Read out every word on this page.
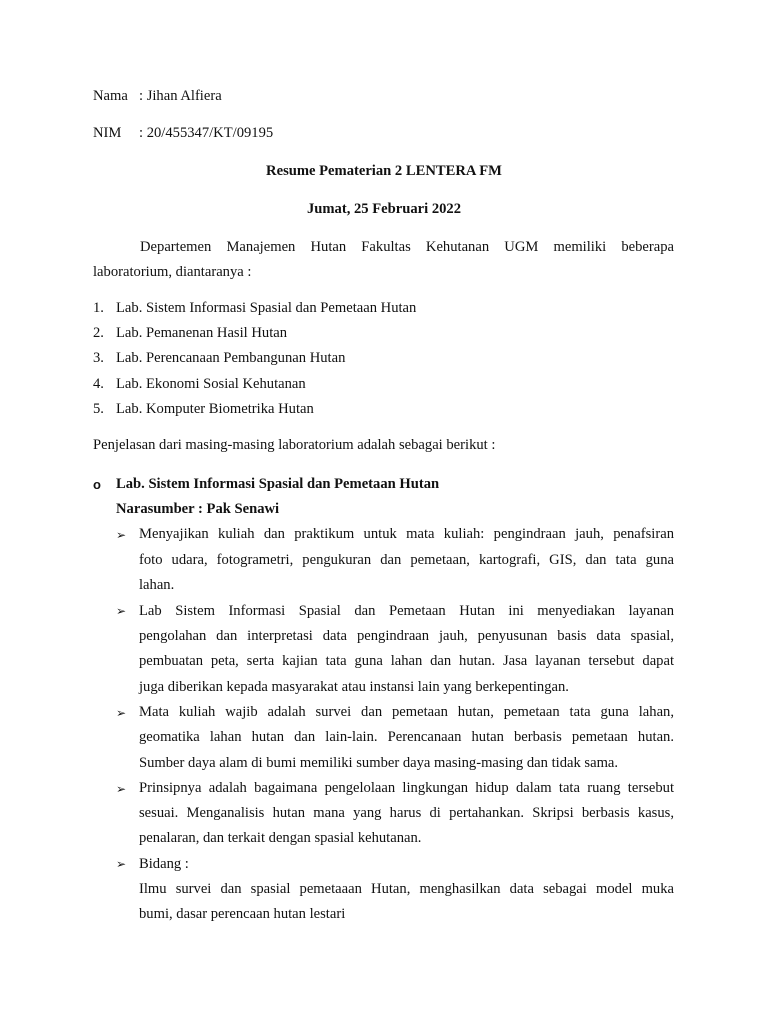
Nama : Jihan Alfiera
NIM : 20/455347/KT/09195
Resume Pematerian 2 LENTERA FM
Jumat, 25 Februari 2022
Departemen Manajemen Hutan Fakultas Kehutanan UGM memiliki beberapa
laboratorium, diantaranya :
1. Lab. Sistem Informasi Spasial dan Pemetaan Hutan
2. Lab. Pemanenan Hasil Hutan
3. Lab. Perencanaan Pembangunan Hutan
4. Lab. Ekonomi Sosial Kehutanan
5. Lab. Komputer Biometrika Hutan
Penjelasan dari masing-masing laboratorium adalah sebagai berikut :
o Lab. Sistem Informasi Spasial dan Pemetaan Hutan
Narasumber : Pak Senawi
➢ Menyajikan kuliah dan praktikum untuk mata kuliah: pengindraan jauh, penafsiran
foto udara, fotogrametri, pengukuran dan pemetaan, kartografi, GIS, dan tata guna
lahan.
➢ Lab Sistem Informasi Spasial dan Pemetaan Hutan ini menyediakan layanan
pengolahan dan interpretasi data pengindraan jauh, penyusunan basis data spasial,
pembuatan peta, serta kajian tata guna lahan dan hutan. Jasa layanan tersebut dapat
juga diberikan kepada masyarakat atau instansi lain yang berkepentingan.
➢ Mata kuliah wajib adalah survei dan pemetaan hutan, pemetaan tata guna lahan,
geomatika lahan hutan dan lain-lain. Perencanaan hutan berbasis pemetaan hutan.
Sumber daya alam di bumi memiliki sumber daya masing-masing dan tidak sama.
➢ Prinsipnya adalah bagaimana pengelolaan lingkungan hidup dalam tata ruang tersebut
sesuai. Menganalisis hutan mana yang harus di pertahankan. Skripsi berbasis kasus,
penalaran, dan terkait dengan spasial kehutanan.
➢ Bidang :
Ilmu survei dan spasial pemetaaan Hutan, menghasilkan data sebagai model muka
bumi, dasar perencaan hutan lestari
